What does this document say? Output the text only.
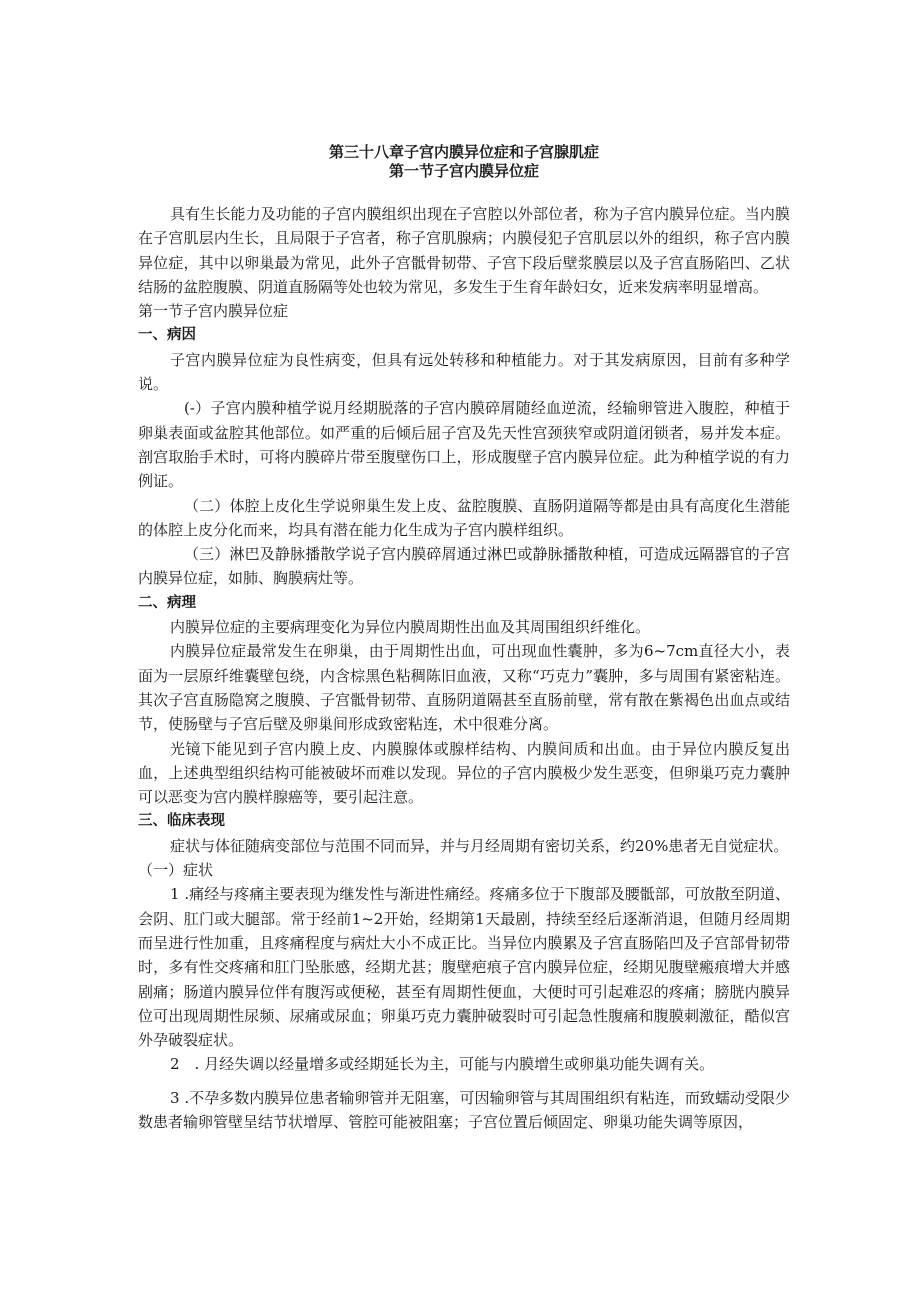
第三十八章子宫内膜异位症和子宫腺肌症
第一节子宫内膜异位症

具有生长能力及功能的子宫内膜组织出现在子宫腔以外部位者，称为子宫内膜异位症。当内膜在子宫肌层内生长，且局限于子宫者，称子宫肌腺病；内膜侵犯子宫肌层以外的组织，称子宫内膜异位症，其中以卵巢最为常见，此外子宫骶骨韧带、子宫下段后壁浆膜层以及子宫直肠陷凹、乙状结肠的盆腔腹膜、阴道直肠隔等处也较为常见，多发生于生育年龄妇女，近来发病率明显增高。

第一节子宫内膜异位症

一、病因

子宫内膜异位症为良性病变，但具有远处转移和种植能力。对于其发病原因，目前有多种学说。

(-）子宫内膜种植学说月经期脱落的子宫内膜碎屑随经血逆流，经输卵管进入腹腔，种植于卵巢表面或盆腔其他部位。如严重的后倾后屈子宫及先天性宫颈狭窄或阴道闭锁者，易并发本症。剖宫取胎手术时，可将内膜碎片带至腹壁伤口上，形成腹壁子宫内膜异位症。此为种植学说的有力例证。

（二）体腔上皮化生学说卵巢生发上皮、盆腔腹膜、直肠阴道隔等都是由具有高度化生潜能的体腔上皮分化而来，均具有潜在能力化生成为子宫内膜样组织。

（三）淋巴及静脉播散学说子宫内膜碎屑通过淋巴或静脉播散种植，可造成远隔器官的子宫内膜异位症，如肺、胸膜病灶等。

二、病理

内膜异位症的主要病理变化为异位内膜周期性出血及其周围组织纤维化。

内膜异位症最常发生在卵巢，由于周期性出血，可出现血性囊肿，多为6~7cm直径大小，表面为一层原纤维囊壁包绕，内含棕黑色粘稠陈旧血液，又称“巧克力”囊肿，多与周围有紧密粘连。其次子宫直肠隐窝之腹膜、子宫骶骨韧带、直肠阴道隔甚至直肠前壁，常有散在紫褐色出血点或结节，使肠壁与子宫后壁及卵巢间形成致密粘连，术中很难分离。

光镜下能见到子宫内膜上皮、内膜腺体或腺样结构、内膜间质和出血。由于异位内膜反复出血，上述典型组织结构可能被破坏而难以发现。异位的子宫内膜极少发生恶变，但卵巢巧克力囊肿可以恶变为宫内膜样腺癌等，要引起注意。

三、临床表现

症状与体征随病变部位与范围不同而异，并与月经周期有密切关系，约20%患者无自觉症状。

（一）症状

1 .痛经与疼痛主要表现为继发性与渐进性痛经。疼痛多位于下腹部及腰骶部，可放散至阴道、会阴、肛门或大腿部。常于经前1~2开始，经期第1天最剧，持续至经后逐渐消退，但随月经周期而呈进行性加重，且疼痛程度与病灶大小不成正比。当异位内膜累及子宫直肠陷凹及子宫部骨韧带时，多有性交疼痛和肛门坠胀感，经期尤甚；腹壁疤痕子宫内膜异位症，经期见腹壁瘢痕增大并感剧痛；肠道内膜异位伴有腹泻或便秘，甚至有周期性便血，大便时可引起难忍的疼痛；膀胱内膜异位可出现周期性尿频、尿痛或尿血；卵巢巧克力囊肿破裂时可引起急性腹痛和腹膜刺激征，酷似宫外孕破裂症状。

2　. 月经失调以经量增多或经期延长为主，可能与内膜增生或卵巢功能失调有关。

3 .不孕多数内膜异位患者输卵管并无阻塞，可因输卵管与其周围组织有粘连，而致蠕动受限少数患者输卵管壁呈结节状增厚、管腔可能被阻塞；子宫位置后倾固定、卵巢功能失调等原因，
